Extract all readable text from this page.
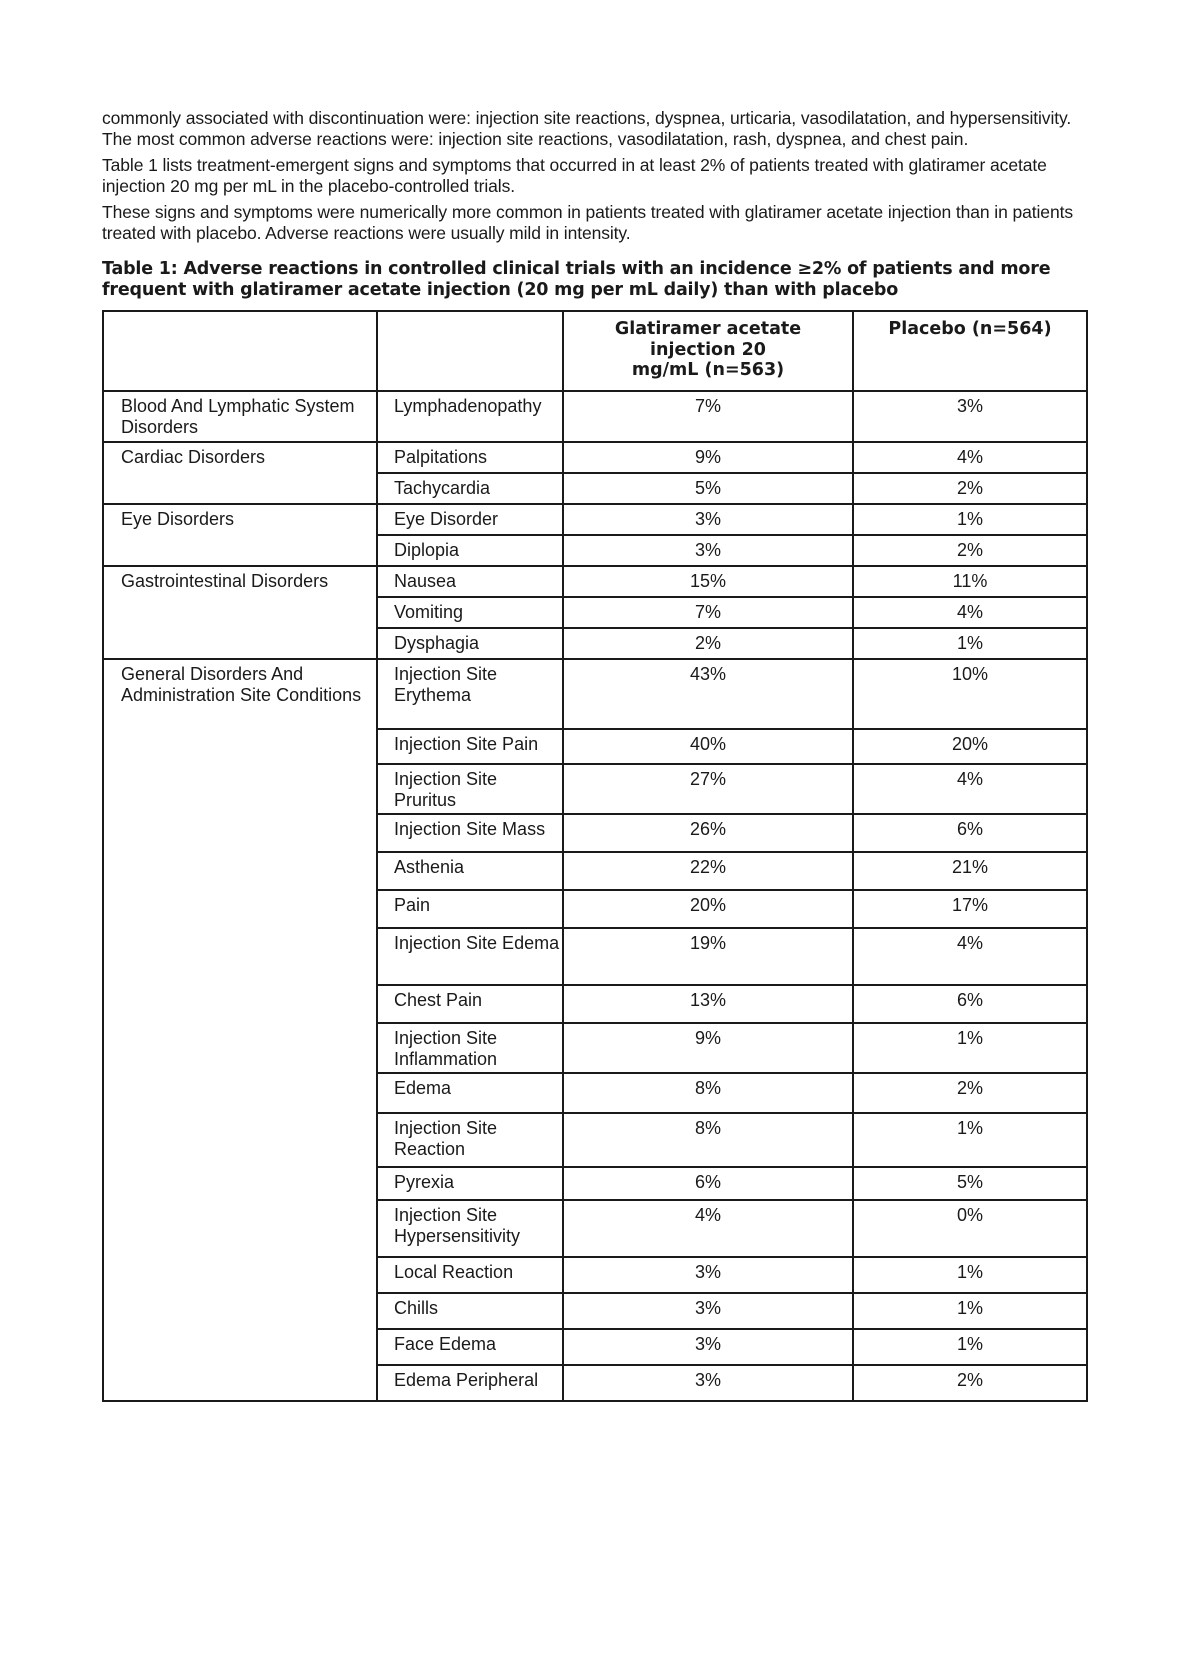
commonly associated with discontinuation were: injection site reactions, dyspnea, urticaria, vasodilatation, and hypersensitivity. The most common adverse reactions were: injection site reactions, vasodilatation, rash, dyspnea, and chest pain.

Table 1 lists treatment-emergent signs and symptoms that occurred in at least 2% of patients treated with glatiramer acetate injection 20 mg per mL in the placebo-controlled trials.

These signs and symptoms were numerically more common in patients treated with glatiramer acetate injection than in patients treated with placebo. Adverse reactions were usually mild in intensity.

Table 1: Adverse reactions in controlled clinical trials with an incidence ≥2% of patients and more frequent with glatiramer acetate injection (20 mg per mL daily) than with placebo
		Glatiramer acetate injection 20 mg/mL (n=563)	Placebo (n=564)
Blood And Lymphatic System Disorders	Lymphadenopathy	7%	3%
Cardiac Disorders	Palpitations	9%	4%
	Tachycardia	5%	2%
Eye Disorders	Eye Disorder	3%	1%
	Diplopia	3%	2%
Gastrointestinal Disorders	Nausea	15%	11%
	Vomiting	7%	4%
	Dysphagia	2%	1%
General Disorders And Administration Site Conditions	Injection Site Erythema	43%	10%
	Injection Site Pain	40%	20%
	Injection Site Pruritus	27%	4%
	Injection Site Mass	26%	6%
	Asthenia	22%	21%
	Pain	20%	17%
	Injection Site Edema	19%	4%
	Chest Pain	13%	6%
	Injection Site Inflammation	9%	1%
	Edema	8%	2%
	Injection Site Reaction	8%	1%
	Pyrexia	6%	5%
	Injection Site Hypersensitivity	4%	0%
	Local Reaction	3%	1%
	Chills	3%	1%
	Face Edema	3%	1%
	Edema Peripheral	3%	2%
